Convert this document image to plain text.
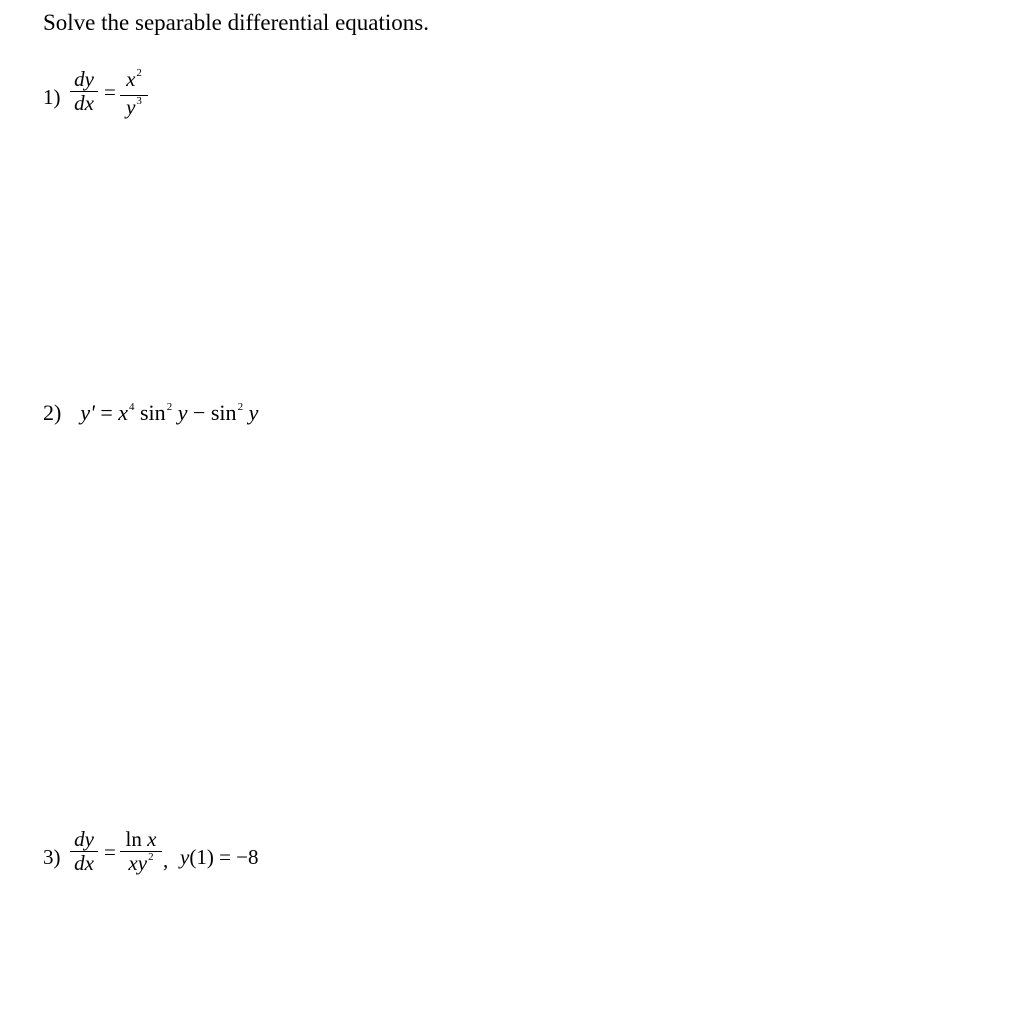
Solve the separable differential equations.
1)
dy
dx =
$x^2$
$y^3$
2) $y' = x^4$ $\sin^2 y - \sin^2 y$
3)
dy
dx =
ln x
$xy^2$ , y(1) = −8
